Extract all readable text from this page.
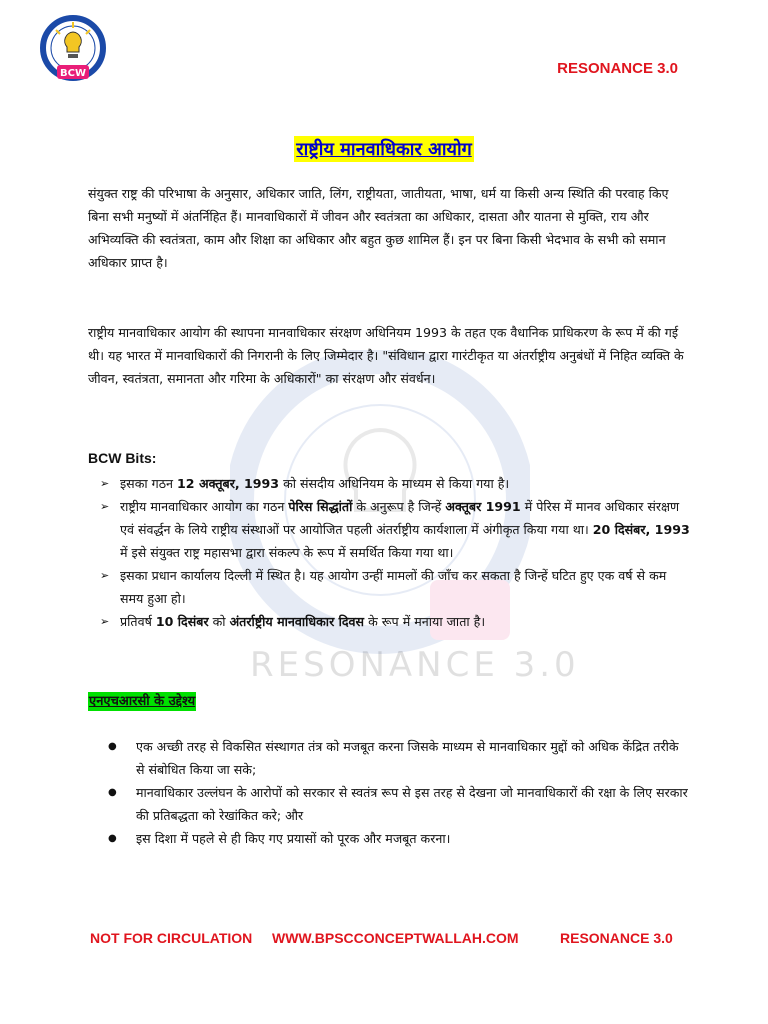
BCW	RESONANCE 3.0
RESONANCE 3.0
राष्ट्रीय मानवाधिकार आयोग
संयुक्त राष्ट्र की परिभाषा के अनुसार, अधिकार जाति, लिंग, राष्ट्रीयता, जातीयता, भाषा, धर्म या किसी अन्य स्थिति की परवाह किए बिना सभी मनुष्यों में अंतर्निहित हैं। मानवाधिकारों में जीवन और स्वतंत्रता का अधिकार, दासता और यातना से मुक्ति, राय और अभिव्यक्ति की स्वतंत्रता, काम और शिक्षा का अधिकार और बहुत कुछ शामिल हैं। इन पर बिना किसी भेदभाव के सभी को समान अधिकार प्राप्त है।
राष्ट्रीय मानवाधिकार आयोग की स्थापना मानवाधिकार संरक्षण अधिनियम 1993 के तहत एक वैधानिक प्राधिकरण के रूप में की गई थी। यह भारत में मानवाधिकारों की निगरानी के लिए जिम्मेदार है। "संविधान द्वारा गारंटीकृत या अंतर्राष्ट्रीय अनुबंधों में निहित व्यक्ति के जीवन, स्वतंत्रता, समानता और गरिमा के अधिकारों" का संरक्षण और संवर्धन।
BCW Bits:
➢ इसका गठन 12 अक्तूबर, 1993 को संसदीय अधिनियम के माध्यम से किया गया है।
➢ राष्ट्रीय मानवाधिकार आयोग का गठन पेरिस सिद्धांतों के अनुरूप है जिन्हें अक्तूबर 1991 में पेरिस में मानव अधिकार संरक्षण एवं संवर्द्धन के लिये राष्ट्रीय संस्थाओं पर आयोजित पहली अंतर्राष्ट्रीय कार्यशाला में अंगीकृत किया गया था। 20 दिसंबर, 1993 में इसे संयुक्त राष्ट्र महासभा द्वारा संकल्प के रूप में समर्थित किया गया था।
➢ इसका प्रधान कार्यालय दिल्ली में स्थित है। यह आयोग उन्हीं मामलों की जाँच कर सकता है जिन्हें घटित हुए एक वर्ष से कम समय हुआ हो।
➢ प्रतिवर्ष 10 दिसंबर को अंतर्राष्ट्रीय मानवाधिकार दिवस के रूप में मनाया जाता है।
एनएचआरसी के उद्देश्य
● एक अच्छी तरह से विकसित संस्थागत तंत्र को मजबूत करना जिसके माध्यम से मानवाधिकार मुद्दों को अधिक केंद्रित तरीके से संबोधित किया जा सके;
● मानवाधिकार उल्लंघन के आरोपों को सरकार से स्वतंत्र रूप से इस तरह से देखना जो मानवाधिकारों की रक्षा के लिए सरकार की प्रतिबद्धता को रेखांकित करे; और
● इस दिशा में पहले से ही किए गए प्रयासों को पूरक और मजबूत करना।
NOT FOR CIRCULATION WWW.BPSCCONCEPTWALLAH.COM	RESONANCE 3.0
